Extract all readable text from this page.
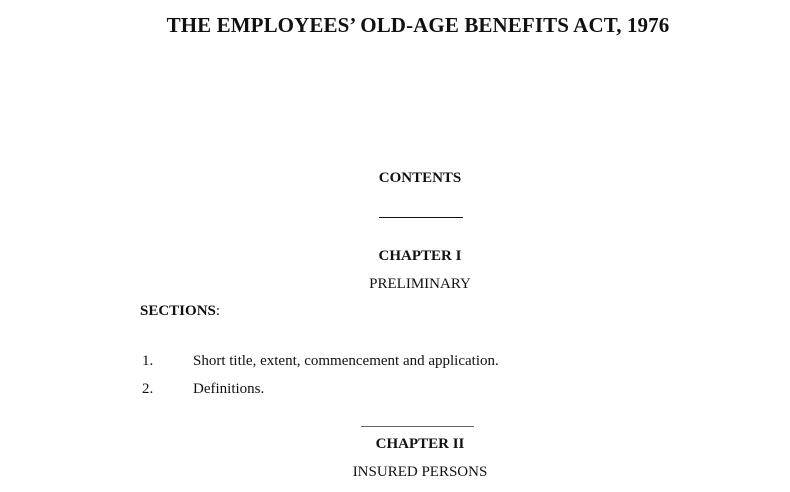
THE EMPLOYEES’ OLD-AGE BENEFITS ACT, 1976
CONTENTS
CHAPTER I
PRELIMINARY
SECTIONS:
1.	Short title, extent, commencement and application.
2.	Definitions.
CHAPTER II
INSURED PERSONS
